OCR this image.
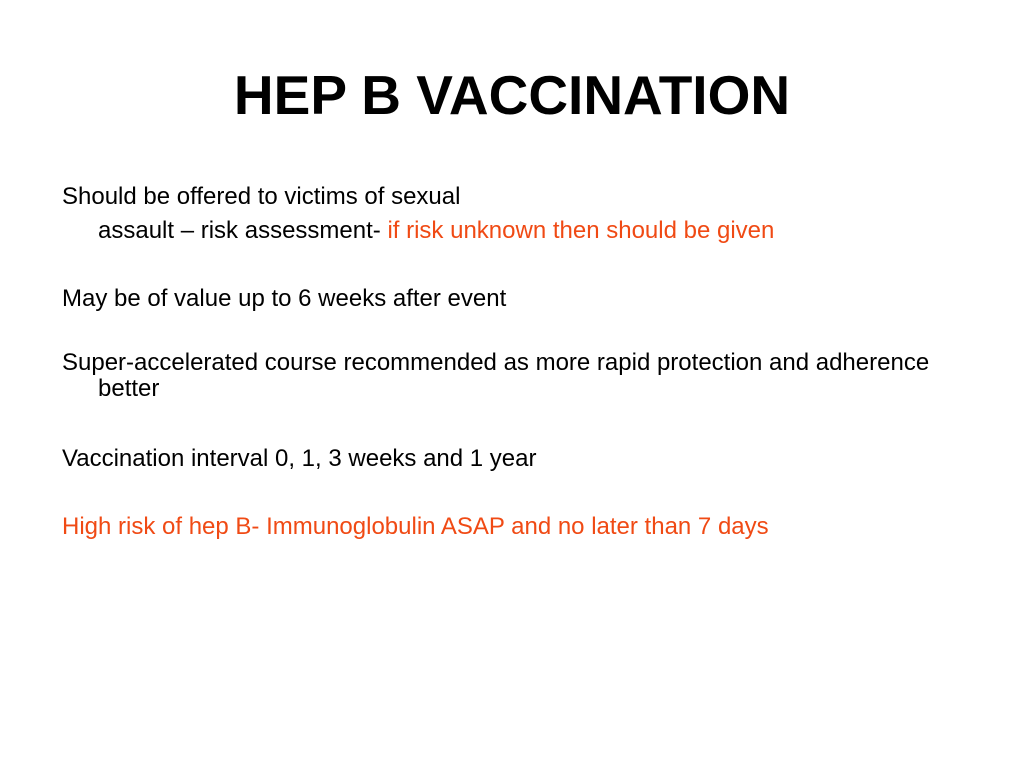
HEP B VACCINATION

Should be offered to victims of sexual
assault – risk assessment- if risk unknown then should be given

May be of value up to 6 weeks after event

Super-accelerated course recommended as more rapid protection and adherence better

Vaccination interval 0, 1, 3 weeks and 1 year

High risk of hep B- Immunoglobulin ASAP and no later than 7 days
